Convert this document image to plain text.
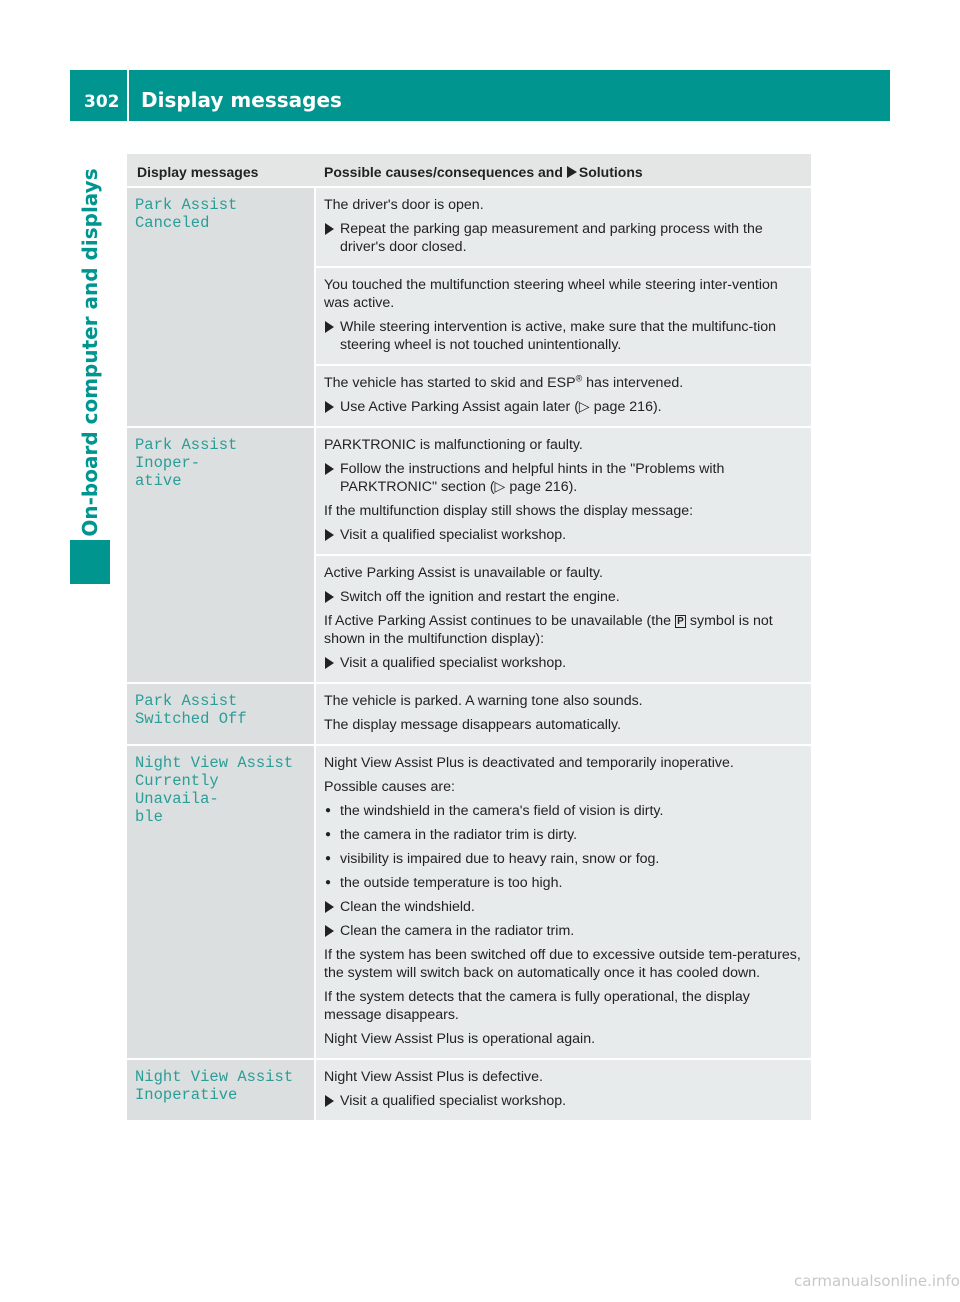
302 Display messages
On-board computer and displays	Display messages	Possible causes/consequences and Solutions
Park Assist Canceled

The driver's door is open.

Repeat the parking gap measurement and parking process with the driver's door closed.

You touched the multifunction steering wheel while steering inter-vention was active.

While steering intervention is active, make sure that the multifunc-tion steering wheel is not touched unintentionally.

The vehicle has started to skid and ESP® has intervened.

Use Active Parking Assist again later (▷ page 216).

Park Assist Inoper‐
ative

PARKTRONIC is malfunctioning or faulty.

Follow the instructions and helpful hints in the "Problems with PARKTRONIC" section (▷ page 216).

If the multifunction display still shows the display message:

Visit a qualified specialist workshop.

Active Parking Assist is unavailable or faulty.

Switch off the ignition and restart the engine.

If Active Parking Assist continues to be unavailable (the P symbol is not shown in the multifunction display):

Visit a qualified specialist workshop.

Park Assist
Switched Off

The vehicle is parked. A warning tone also sounds.

The display message disappears automatically.

Night View Assist
Currently Unavaila‐
ble

Night View Assist Plus is deactivated and temporarily inoperative.

Possible causes are:

● the windshield in the camera's field of vision is dirty.

● the camera in the radiator trim is dirty.

● visibility is impaired due to heavy rain, snow or fog.

● the outside temperature is too high.

Clean the windshield.

Clean the camera in the radiator trim.

If the system has been switched off due to excessive outside tem-peratures, the system will switch back on automatically once it has cooled down.

If the system detects that the camera is fully operational, the display message disappears.

Night View Assist Plus is operational again.

Night View Assist
Inoperative

Night View Assist Plus is defective.

Visit a qualified specialist workshop.

carmanualsonline.info
